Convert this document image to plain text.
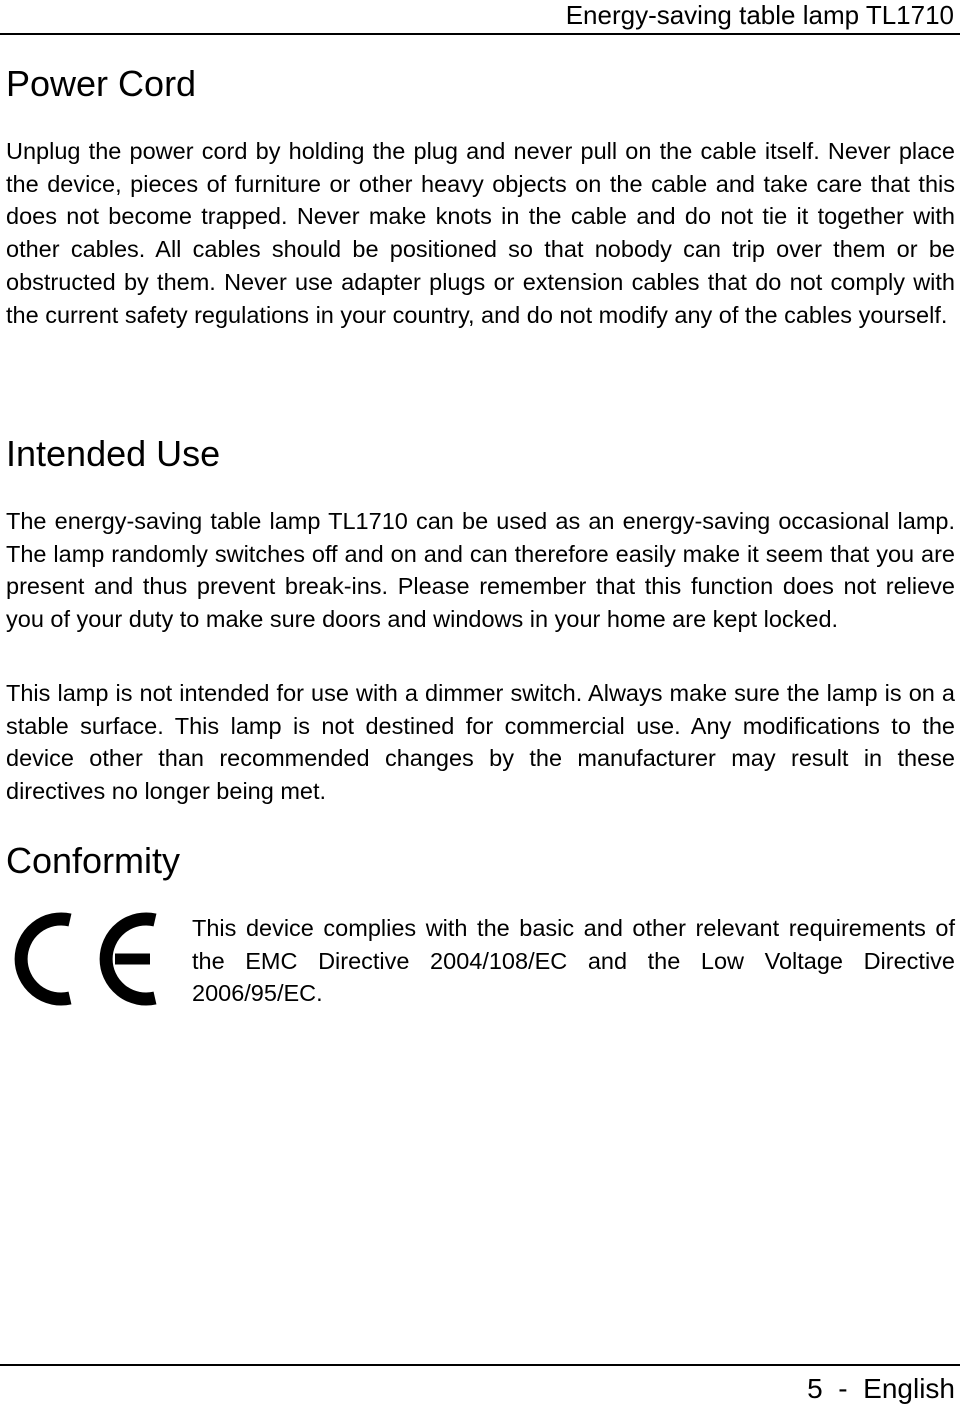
Energy-saving table lamp TL1710
Power Cord

Unplug the power cord by holding the plug and never pull on the cable itself. Never place the device, pieces of furniture or other heavy objects on the cable and take care that this does not become trapped. Never make knots in the cable and do not tie it together with other cables. All cables should be positioned so that nobody can trip over them or be obstructed by them. Never use adapter plugs or extension cables that do not comply with the current safety regulations in your country, and do not modify any of the cables yourself.

Intended Use

The energy-saving table lamp TL1710 can be used as an energy-saving occasional lamp. The lamp randomly switches off and on and can therefore easily make it seem that you are present and thus prevent break-ins. Please remember that this function does not relieve you of your duty to make sure doors and windows in your home are kept locked.

This lamp is not intended for use with a dimmer switch. Always make sure the lamp is on a stable surface. This lamp is not destined for commercial use. Any modifications to the device other than recommended changes by the manufacturer may result in these directives no longer being met.

Conformity

This device complies with the basic and other relevant requirements of the EMC Directive 2004/108/EC and the Low Voltage Directive 2006/95/EC.

5  -  English
